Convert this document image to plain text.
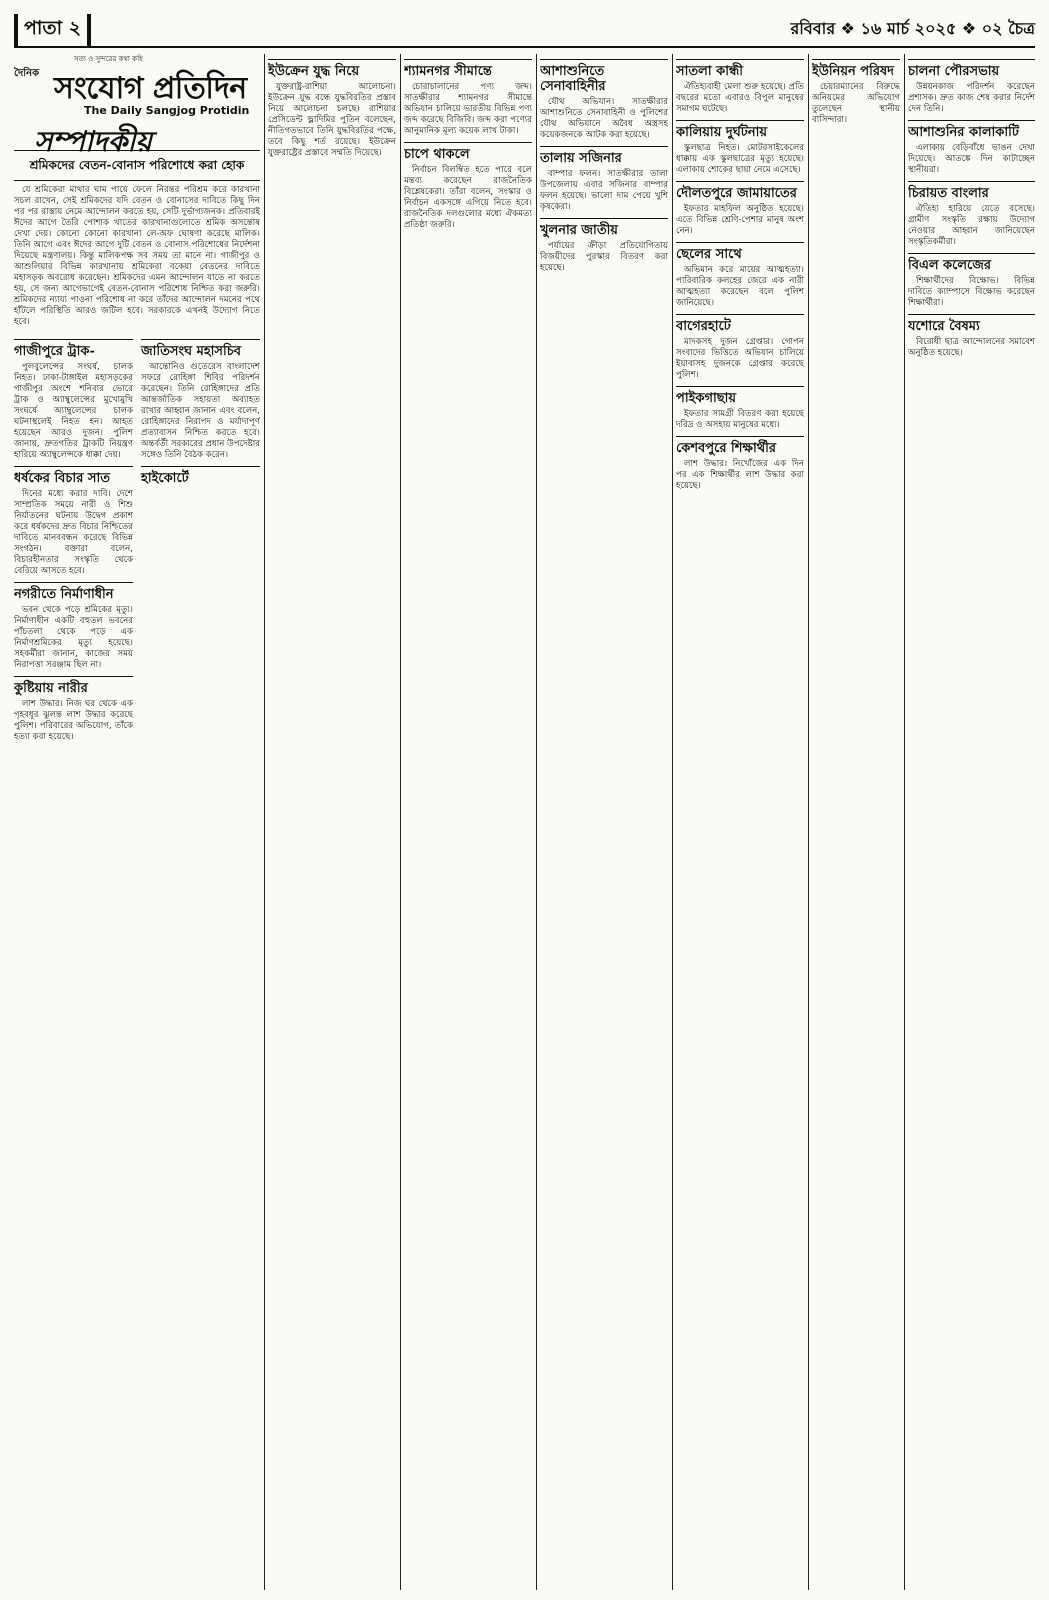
পাতা ২	রবিবার ❖ ১৬ মার্চ ২০২৫ ❖ ০২ চৈত্র
সত্য ও সুন্দরের কথা কহি
দৈনিক সংযোগ প্রতিদিন
The Daily Sangjog Protidin
সম্পাদকীয়
শ্রমিকদের বেতন-বোনাস পরিশোধে করা হোক

যে শ্রমিকেরা মাথার ঘাম পায়ে ফেলে নিরন্তর পরিশ্রম করে কারখানা সচল রাখেন, সেই শ্রমিকদের যদি বেতন ও বোনাসের দাবিতে কিছু দিন পর পর রাস্তায় নেমে আন্দোলন করতে হয়, সেটি দুর্ভাগ্যজনক। প্রতিবারই ঈদের আগে তৈরি পোশাক খাতের কারখানাগুলোতে শ্রমিক অসন্তোষ দেখা দেয়। কোনো কোনো কারখানা লে-অফ ঘোষণা করেছে মালিক। তিনি আগে এবং ঈদের আগে দুটি বেতন ও বোনাস পরিশোধের নির্দেশনা দিয়েছে মন্ত্রণালয়। কিন্তু মালিকপক্ষ সব সময় তা মানে না। গাজীপুর ও আশুলিয়ার বিভিন্ন কারখানায় শ্রমিকেরা বকেয়া বেতনের দাবিতে মহাসড়ক অবরোধ করেছেন। শ্রমিকদের এমন আন্দোলন যাতে না করতে হয়, সে জন্য আগেভাগেই বেতন-বোনাস পরিশোধ নিশ্চিত করা জরুরি। শ্রমিকদের ন্যায্য পাওনা পরিশোধ না করে তাঁদের আন্দোলন দমনের পথে হাঁটলে পরিস্থিতি আরও জটিল হবে। সরকারকে এখনই উদ্যোগ নিতে হবে।

গাজীপুরে ট্রাক-

পুলবুলেন্সের সংঘর্ষ, চালক নিহত। ঢাকা-টাঙ্গাইল মহাসড়কের গাজীপুর অংশে শনিবার ভোরে ট্রাক ও অ্যাম্বুলেন্সের মুখোমুখি সংঘর্ষে অ্যাম্বুলেন্সের চালক ঘটনাস্থলেই নিহত হন। আহত হয়েছেন আরও দুজন। পুলিশ জানায়, দ্রুতগতির ট্রাকটি নিয়ন্ত্রণ হারিয়ে অ্যাম্বুলেন্সকে ধাক্কা দেয়।

ধর্ষকের বিচার সাত

দিনের মধ্যে করার দাবি। দেশে সাম্প্রতিক সময়ে নারী ও শিশু নির্যাতনের ঘটনায় উদ্বেগ প্রকাশ করে ধর্ষকদের দ্রুত বিচার নিশ্চিতের দাবিতে মানববন্ধন করেছে বিভিন্ন সংগঠন। বক্তারা বলেন, বিচারহীনতার সংস্কৃতি থেকে বেরিয়ে আসতে হবে।

নগরীতে নির্মাণাধীন

ভবন থেকে পড়ে শ্রমিকের মৃত্যু। নির্মাণাধীন একটি বহুতল ভবনের পাঁচতলা থেকে পড়ে এক নির্মাণশ্রমিকের মৃত্যু হয়েছে। সহকর্মীরা জানান, কাজের সময় নিরাপত্তা সরঞ্জাম ছিল না।

কুষ্টিয়ায় নারীর

লাশ উদ্ধার। নিজ ঘর থেকে এক গৃহবধূর ঝুলন্ত লাশ উদ্ধার করেছে পুলিশ। পরিবারের অভিযোগ, তাঁকে হত্যা করা হয়েছে।

জাতিসংঘ মহাসচিব

আন্তোনিও গুতেরেস বাংলাদেশ সফরে রোহিঙ্গা শিবির পরিদর্শন করেছেন। তিনি রোহিঙ্গাদের প্রতি আন্তর্জাতিক সহায়তা অব্যাহত রাখার আহ্বান জানান এবং বলেন, রোহিঙ্গাদের নিরাপদ ও মর্যাদাপূর্ণ প্রত্যাবাসন নিশ্চিত করতে হবে। অন্তর্বর্তী সরকারের প্রধান উপদেষ্টার সঙ্গেও তিনি বৈঠক করেন।

হাইকোর্টে
ইউক্রেন যুদ্ধ নিয়ে

যুক্তরাষ্ট্র-রাশিয়া আলোচনা। ইউক্রেন যুদ্ধ বন্ধে যুদ্ধবিরতির প্রস্তাব নিয়ে আলোচনা চলছে। রাশিয়ার প্রেসিডেন্ট ভ্লাদিমির পুতিন বলেছেন, নীতিগতভাবে তিনি যুদ্ধবিরতির পক্ষে, তবে কিছু শর্ত রয়েছে। ইউক্রেন যুক্তরাষ্ট্রের প্রস্তাবে সম্মতি দিয়েছে।

শ্যামনগর সীমান্তে

চোরাচালানের পণ্য জব্দ। সাতক্ষীরার শ্যামনগর সীমান্তে অভিযান চালিয়ে ভারতীয় বিভিন্ন পণ্য জব্দ করেছে বিজিবি। জব্দ করা পণ্যের আনুমানিক মূল্য কয়েক লাখ টাকা।

চাপে থাকলে

নির্বাচন বিলম্বিত হতে পারে বলে মন্তব্য করেছেন রাজনৈতিক বিশ্লেষকেরা। তাঁরা বলেন, সংস্কার ও নির্বাচন একসঙ্গে এগিয়ে নিতে হবে। রাজনৈতিক দলগুলোর মধ্যে ঐকমত্য প্রতিষ্ঠা জরুরি।

আশাশুনিতে সেনাবাহিনীর

যৌথ অভিযান। সাতক্ষীরার আশাশুনিতে সেনাবাহিনী ও পুলিশের যৌথ অভিযানে অবৈধ অস্ত্রসহ কয়েকজনকে আটক করা হয়েছে।

তালায় সজিনার

বাম্পার ফলন। সাতক্ষীরার তালা উপজেলায় এবার সজিনার বাম্পার ফলন হয়েছে। ভালো দাম পেয়ে খুশি কৃষকেরা।

খুলনার জাতীয়

পর্যায়ের ক্রীড়া প্রতিযোগিতায় বিজয়ীদের পুরস্কার বিতরণ করা হয়েছে।

সাতলা কান্ধী

ঐতিহ্যবাহী মেলা শুরু হয়েছে। প্রতি বছরের মতো এবারও বিপুল মানুষের সমাগম ঘটেছে।

কালিয়ায় দুর্ঘটনায়

স্কুলছাত্র নিহত। মোটরসাইকেলের ধাক্কায় এক স্কুলছাত্রের মৃত্যু হয়েছে। এলাকায় শোকের ছায়া নেমে এসেছে।

দৌলতপুরে জামায়াতের

ইফতার মাহফিল অনুষ্ঠিত হয়েছে। এতে বিভিন্ন শ্রেণি-পেশার মানুষ অংশ নেন।

ছেলের সাথে

অভিমান করে মায়ের আত্মহত্যা। পারিবারিক কলহের জেরে এক নারী আত্মহত্যা করেছেন বলে পুলিশ জানিয়েছে।

বাগেরহাটে

মাদকসহ দুজন গ্রেপ্তার। গোপন সংবাদের ভিত্তিতে অভিযান চালিয়ে ইয়াবাসহ দুজনকে গ্রেপ্তার করেছে পুলিশ।

পাইকগাছায়

ইফতার সামগ্রী বিতরণ করা হয়েছে দরিদ্র ও অসহায় মানুষের মধ্যে।

কেশবপুরে শিক্ষার্থীর

লাশ উদ্ধার। নিখোঁজের এক দিন পর এক শিক্ষার্থীর লাশ উদ্ধার করা হয়েছে।

ইউনিয়ন পরিষদ

চেয়ারম্যানের বিরুদ্ধে অনিয়মের অভিযোগ তুলেছেন স্থানীয় বাসিন্দারা।

চালনা পৌরসভায়

উন্নয়নকাজ পরিদর্শন করেছেন প্রশাসক। দ্রুত কাজ শেষ করার নির্দেশ দেন তিনি।

আশাশুনির কালাকাটি

এলাকায় বেড়িবাঁধে ভাঙন দেখা দিয়েছে। আতঙ্কে দিন কাটাচ্ছেন স্থানীয়রা।

চিরায়ত বাংলার

ঐতিহ্য হারিয়ে যেতে বসেছে। গ্রামীণ সংস্কৃতি রক্ষায় উদ্যোগ নেওয়ার আহ্বান জানিয়েছেন সংস্কৃতিকর্মীরা।

বিএল কলেজের

শিক্ষার্থীদের বিক্ষোভ। বিভিন্ন দাবিতে ক্যাম্পাসে বিক্ষোভ করেছেন শিক্ষার্থীরা।

যশোরে বৈষম্য

বিরোধী ছাত্র আন্দোলনের সমাবেশ অনুষ্ঠিত হয়েছে।
